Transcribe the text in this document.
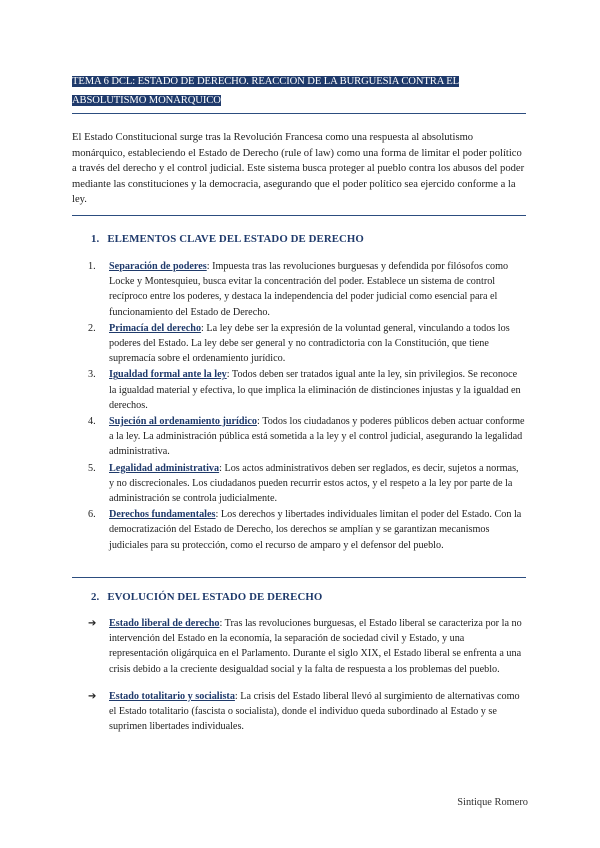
TEMA 6 DCL: ESTADO DE DERECHO. REACCIÓN DE LA BURGUESÍA CONTRA EL
ABSOLUTISMO MONÁRQUICO

El Estado Constitucional surge tras la Revolución Francesa como una respuesta al absolutismo monárquico, estableciendo el Estado de Derecho (rule of law) como una forma de limitar el poder político a través del derecho y el control judicial. Este sistema busca proteger al pueblo contra los abusos del poder mediante las constituciones y la democracia, asegurando que el poder político sea ejercido conforme a la ley.

1. ELEMENTOS CLAVE DEL ESTADO DE DERECHO
1. Separación de poderes: Impuesta tras las revoluciones burguesas y defendida por filósofos como Locke y Montesquieu, busca evitar la concentración del poder. Establece un sistema de control recíproco entre los poderes, y destaca la independencia del poder judicial como esencial para el funcionamiento del Estado de Derecho.
2. Primacía del derecho: La ley debe ser la expresión de la voluntad general, vinculando a todos los poderes del Estado. La ley debe ser general y no contradictoria con la Constitución, que tiene supremacía sobre el ordenamiento jurídico.
3. Igualdad formal ante la ley: Todos deben ser tratados igual ante la ley, sin privilegios. Se reconoce la igualdad material y efectiva, lo que implica la eliminación de distinciones injustas y la igualdad en derechos.
4. Sujeción al ordenamiento jurídico: Todos los ciudadanos y poderes públicos deben actuar conforme a la ley. La administración pública está sometida a la ley y el control judicial, asegurando la legalidad administrativa.
5. Legalidad administrativa: Los actos administrativos deben ser reglados, es decir, sujetos a normas, y no discrecionales. Los ciudadanos pueden recurrir estos actos, y el respeto a la ley por parte de la administración se controla judicialmente.
6. Derechos fundamentales: Los derechos y libertades individuales limitan el poder del Estado. Con la democratización del Estado de Derecho, los derechos se amplían y se garantizan mecanismos judiciales para su protección, como el recurso de amparo y el defensor del pueblo.
2. EVOLUCIÓN DEL ESTADO DE DERECHO
➔ Estado liberal de derecho: Tras las revoluciones burguesas, el Estado liberal se caracteriza por la no intervención del Estado en la economía, la separación de sociedad civil y Estado, y una representación oligárquica en el Parlamento. Durante el siglo XIX, el Estado liberal se enfrenta a una crisis debido a la creciente desigualdad social y la falta de respuesta a los problemas del pueblo.
➔ Estado totalitario y socialista: La crisis del Estado liberal llevó al surgimiento de alternativas como el Estado totalitario (fascista o socialista), donde el individuo queda subordinado al Estado y se suprimen libertades individuales.
Sintique Romero
